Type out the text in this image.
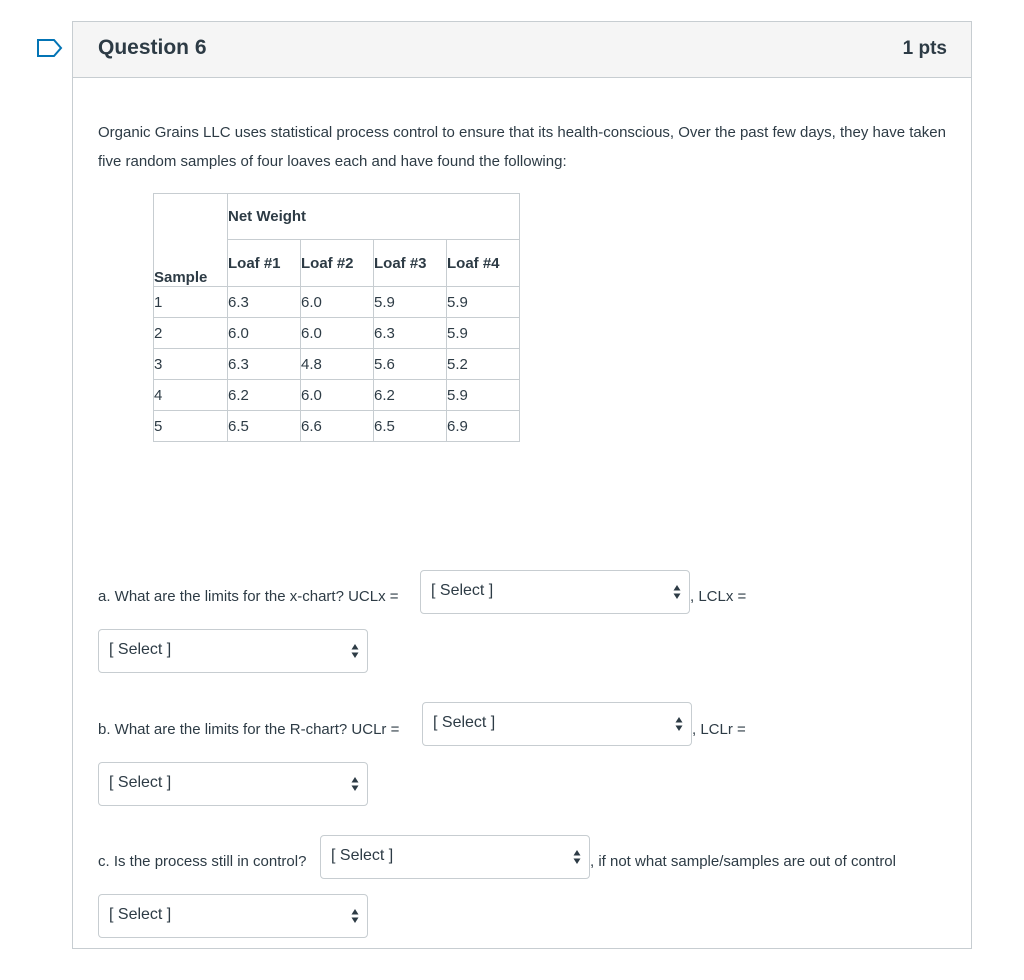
Question 6	1 pts
Organic Grains LLC uses statistical process control to ensure that its health-conscious, Over the past few days, they have taken five random samples of four loaves each and have found the following:
Sample	Net Weight			
	Loaf #1	Loaf #2	Loaf #3	Loaf #4
1	6.3	6.0	5.9	5.9
2	6.0	6.0	6.3	5.9
3	6.3	4.8	5.6	5.2
4	6.2	6.0	6.2	5.9
5	6.5	6.6	6.5	6.9
a. What are the limits for the x-chart? UCLx = [ Select ]	, LCLx =
[ Select ]
b. What are the limits for the R-chart? UCLr = [ Select ]	, LCLr =
[ Select ]
c. Is the process still in control? [ Select ]	, if not what sample/samples are out of control
[ Select ]
